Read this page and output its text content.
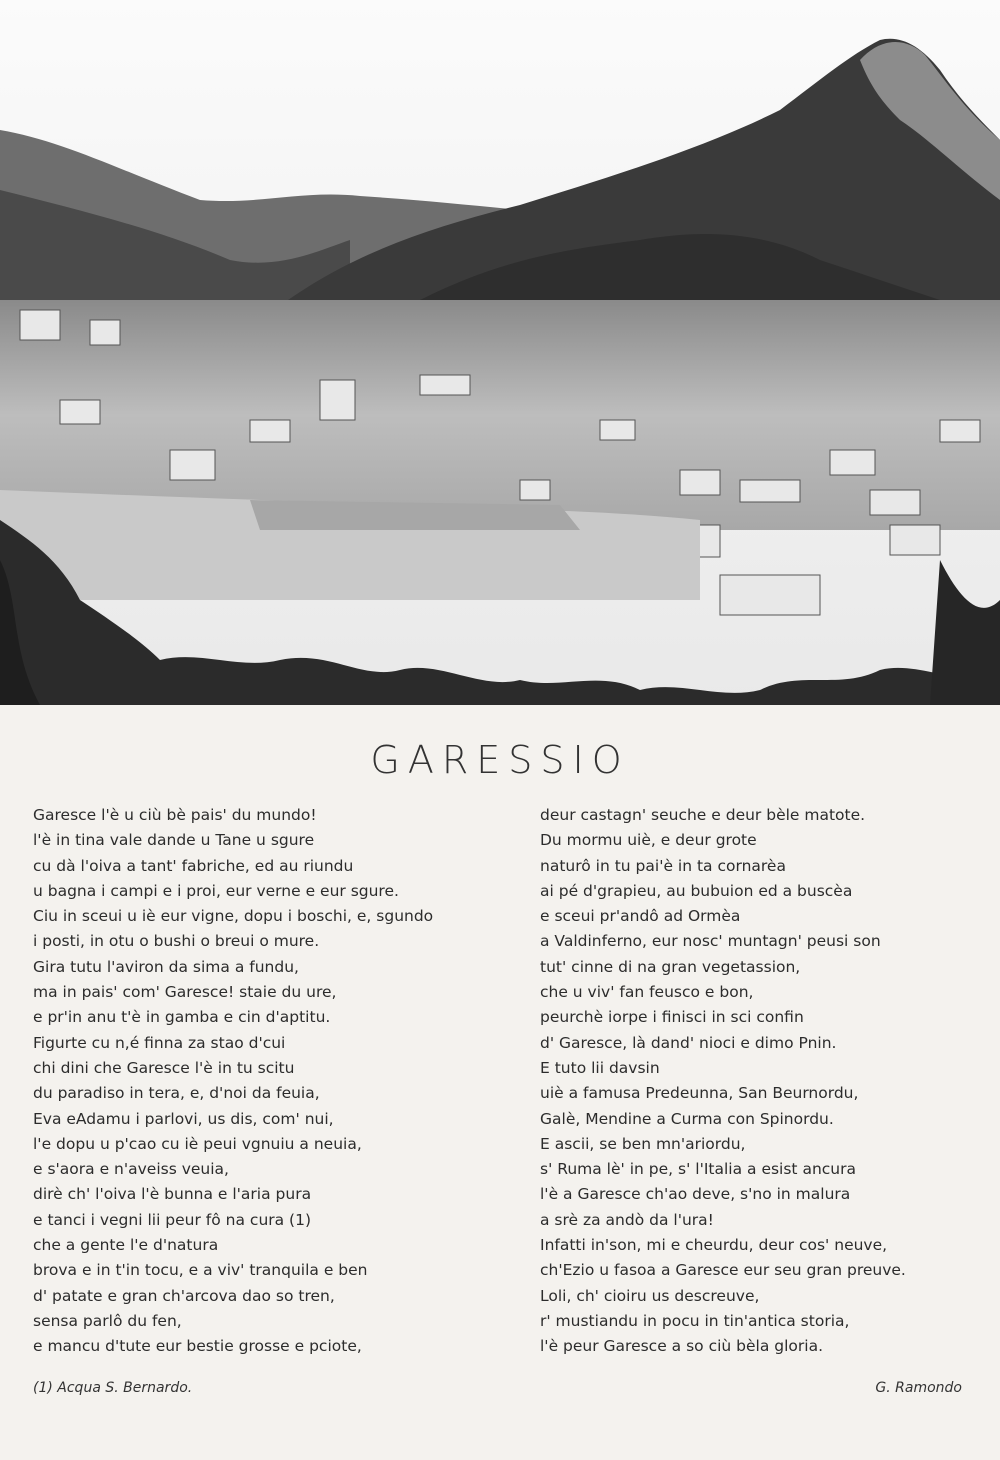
GARESSIO
Garesce l'è u ciù bè pais' du mundo!
l'è in tina vale dande u Tane u sgure
cu dà l'oiva a tant' fabriche, ed au riundu
u bagna i campi e i proi, eur verne e eur sgure.
Ciu in sceui u iè eur vigne, dopu i boschi, e, sgundo
i posti, in otu o bushi o breui o mure.
Gira tutu l'aviron da sima a fundu,
ma in pais' com' Garesce! staie du ure,
e pr'in anu t'è in gamba e cin d'aptitu.
Figurte cu n,é finna za stao d'cui
chi dini che Garesce l'è in tu scitu
du paradiso in tera, e, d'noi da feuia,
Eva eAdamu i parlovi, us dis, com' nui,
l'e dopu u p'cao cu iè peui vgnuiu a neuia,
e s'aora e n'aveiss veuia,
dirè ch' l'oiva l'è bunna e l'aria pura
e tanci i vegni lii peur fô na cura (1)
che a gente l'e d'natura
brova e in t'in tocu, e a viv' tranquila e ben
d' patate e gran ch'arcova dao so tren,
sensa parlô du fen,
e mancu d'tute eur bestie grosse e pciote,
deur castagn' seuche e deur bèle matote.
Du mormu uiè, e deur grote
naturô in tu pai'è in ta cornarèa
ai pé d'grapieu, au bubuion ed a buscèa
e sceui pr'andô ad Ormèa
a Valdinferno, eur nosc' muntagn' peusi son
tut' cinne di na gran vegetassion,
che u viv' fan feusco e bon,
peurchè iorpe i finisci in sci confin
d' Garesce, là dand' nioci e dimo Pnin.
E tuto lii davsin
uiè a famusa Predeunna, San Beurnordu,
Galè, Mendine a Curma con Spinordu.
E ascii, se ben mn'ariordu,
s' Ruma lè' in pe, s' l'Italia a esist ancura
l'è a Garesce ch'ao deve, s'no in malura
a srè za andò da l'ura!
Infatti in'son, mi e cheurdu, deur cos' neuve,
ch'Ezio u fasoa a Garesce eur seu gran preuve.
Loli, ch' cioiru us descreuve,
r' mustiandu in pocu in tin'antica storia,
l'è peur Garesce a so ciù bèla gloria.
(1) Acqua S. Bernardo.	G. Ramondo
